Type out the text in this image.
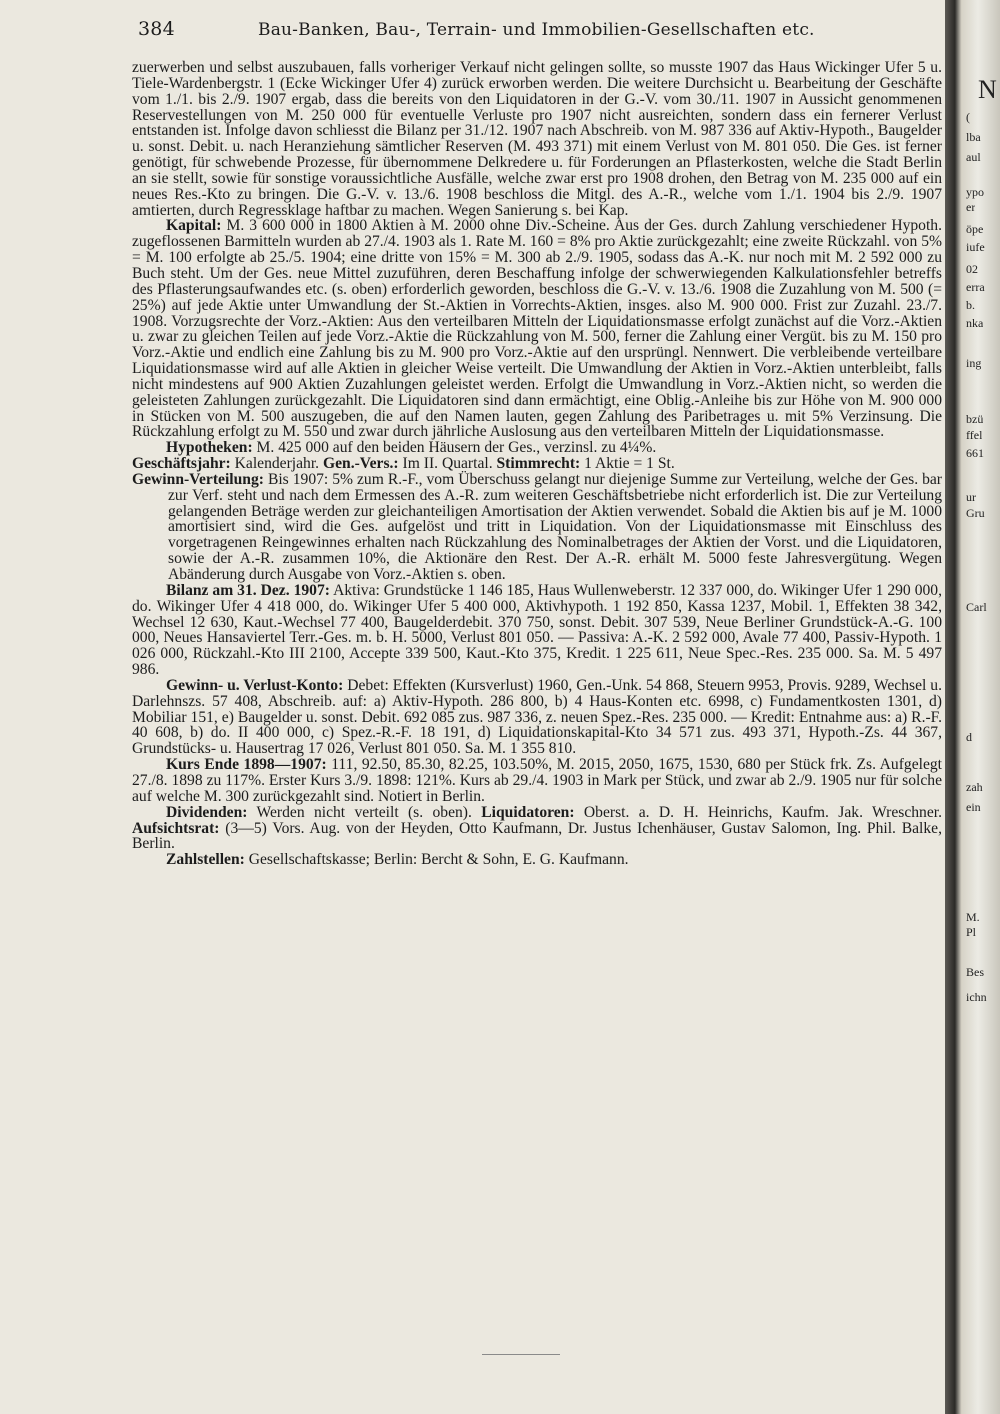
384	Bau-Banken, Bau-, Terrain- und Immobilien-Gesellschaften etc.

zuerwerben und selbst auszubauen, falls vorheriger Verkauf nicht gelingen sollte, so musste 1907 das Haus Wickinger Ufer 5 u. Tiele-Wardenbergstr. 1 (Ecke Wickinger Ufer 4) zurück erworben werden. Die weitere Durchsicht u. Bearbeitung der Geschäfte vom 1./1. bis 2./9. 1907 ergab, dass die bereits von den Liquidatoren in der G.-V. vom 30./11. 1907 in Aussicht genommenen Reservestellungen von M. 250 000 für eventuelle Verluste pro 1907 nicht ausreichten, sondern dass ein fernerer Verlust entstanden ist. Infolge davon schliesst die Bilanz per 31./12. 1907 nach Abschreib. von M. 987 336 auf Aktiv-Hypoth., Baugelder u. sonst. Debit. u. nach Heranziehung sämtlicher Reserven (M. 493 371) mit einem Verlust von M. 801 050. Die Ges. ist ferner genötigt, für schwebende Prozesse, für übernommene Delkredere u. für Forderungen an Pflasterkosten, welche die Stadt Berlin an sie stellt, sowie für sonstige voraussichtliche Ausfälle, welche zwar erst pro 1908 drohen, den Betrag von M. 235 000 auf ein neues Res.-Kto zu bringen. Die G.-V. v. 13./6. 1908 beschloss die Mitgl. des A.-R., welche vom 1./1. 1904 bis 2./9. 1907 amtierten, durch Regressklage haftbar zu machen. Wegen Sanierung s. bei Kap.

Kapital: M. 3 600 000 in 1800 Aktien à M. 2000 ohne Div.-Scheine. Aus der Ges. durch Zahlung verschiedener Hypoth. zugeflossenen Barmitteln wurden ab 27./4. 1903 als 1. Rate M. 160 = 8% pro Aktie zurückgezahlt; eine zweite Rückzahl. von 5% = M. 100 erfolgte ab 25./5. 1904; eine dritte von 15% = M. 300 ab 2./9. 1905, sodass das A.-K. nur noch mit M. 2 592 000 zu Buch steht. Um der Ges. neue Mittel zuzuführen, deren Beschaffung infolge der schwerwiegenden Kalkulationsfehler betreffs des Pflasterungsaufwandes etc. (s. oben) erforderlich geworden, beschloss die G.-V. v. 13./6. 1908 die Zuzahlung von M. 500 (= 25%) auf jede Aktie unter Umwandlung der St.-Aktien in Vorrechts-Aktien, insges. also M. 900 000. Frist zur Zuzahl. 23./7. 1908. Vorzugsrechte der Vorz.-Aktien: Aus den verteilbaren Mitteln der Liquidationsmasse erfolgt zunächst auf die Vorz.-Aktien u. zwar zu gleichen Teilen auf jede Vorz.-Aktie die Rückzahlung von M. 500, ferner die Zahlung einer Vergüt. bis zu M. 150 pro Vorz.-Aktie und endlich eine Zahlung bis zu M. 900 pro Vorz.-Aktie auf den ursprüngl. Nennwert. Die verbleibende verteilbare Liquidationsmasse wird auf alle Aktien in gleicher Weise verteilt. Die Umwandlung der Aktien in Vorz.-Aktien unterbleibt, falls nicht mindestens auf 900 Aktien Zuzahlungen geleistet werden. Erfolgt die Umwandlung in Vorz.-Aktien nicht, so werden die geleisteten Zahlungen zurückgezahlt. Die Liquidatoren sind dann ermächtigt, eine Oblig.-Anleihe bis zur Höhe von M. 900 000 in Stücken von M. 500 auszugeben, die auf den Namen lauten, gegen Zahlung des Paribetrages u. mit 5% Verzinsung. Die Rückzahlung erfolgt zu M. 550 und zwar durch jährliche Auslosung aus den verteilbaren Mitteln der Liquidationsmasse.

Hypotheken: M. 425 000 auf den beiden Häusern der Ges., verzinsl. zu 4¼%.

Geschäftsjahr: Kalenderjahr. Gen.-Vers.: Im II. Quartal. Stimmrecht: 1 Aktie = 1 St.

Gewinn-Verteilung: Bis 1907: 5% zum R.-F., vom Überschuss gelangt nur diejenige Summe zur Verteilung, welche der Ges. bar zur Verf. steht und nach dem Ermessen des A.-R. zum weiteren Geschäftsbetriebe nicht erforderlich ist. Die zur Verteilung gelangenden Beträge werden zur gleichanteiligen Amortisation der Aktien verwendet. Sobald die Aktien bis auf je M. 1000 amortisiert sind, wird die Ges. aufgelöst und tritt in Liquidation. Von der Liquidationsmasse mit Einschluss des vorgetragenen Reingewinnes erhalten nach Rückzahlung des Nominalbetrages der Aktien der Vorst. und die Liquidatoren, sowie der A.-R. zusammen 10%, die Aktionäre den Rest. Der A.-R. erhält M. 5000 feste Jahresvergütung. Wegen Abänderung durch Ausgabe von Vorz.-Aktien s. oben.

Bilanz am 31. Dez. 1907: Aktiva: Grundstücke 1 146 185, Haus Wullenweberstr. 12 337 000, do. Wikinger Ufer 1 290 000, do. Wikinger Ufer 4 418 000, do. Wikinger Ufer 5 400 000, Aktivhypoth. 1 192 850, Kassa 1237, Mobil. 1, Effekten 38 342, Wechsel 12 630, Kaut.-Wechsel 77 400, Baugelderdebit. 370 750, sonst. Debit. 307 539, Neue Berliner Grundstück-A.-G. 100 000, Neues Hansaviertel Terr.-Ges. m. b. H. 5000, Verlust 801 050. — Passiva: A.-K. 2 592 000, Avale 77 400, Passiv-Hypoth. 1 026 000, Rückzahl.-Kto III 2100, Accepte 339 500, Kaut.-Kto 375, Kredit. 1 225 611, Neue Spec.-Res. 235 000. Sa. M. 5 497 986.

Gewinn- u. Verlust-Konto: Debet: Effekten (Kursverlust) 1960, Gen.-Unk. 54 868, Steuern 9953, Provis. 9289, Wechsel u. Darlehnszs. 57 408, Abschreib. auf: a) Aktiv-Hypoth. 286 800, b) 4 Haus-Konten etc. 6998, c) Fundamentkosten 1301, d) Mobiliar 151, e) Baugelder u. sonst. Debit. 692 085 zus. 987 336, z. neuen Spez.-Res. 235 000. — Kredit: Entnahme aus: a) R.-F. 40 608, b) do. II 400 000, c) Spez.-R.-F. 18 191, d) Liquidationskapital-Kto 34 571 zus. 493 371, Hypoth.-Zs. 44 367, Grundstücks- u. Hausertrag 17 026, Verlust 801 050. Sa. M. 1 355 810.

Kurs Ende 1898—1907: 111, 92.50, 85.30, 82.25, 103.50%, M. 2015, 2050, 1675, 1530, 680 per Stück frk. Zs. Aufgelegt 27./8. 1898 zu 117%. Erster Kurs 3./9. 1898: 121%. Kurs ab 29./4. 1903 in Mark per Stück, und zwar ab 2./9. 1905 nur für solche auf welche M. 300 zurückgezahlt sind. Notiert in Berlin.

Dividenden: Werden nicht verteilt (s. oben). Liquidatoren: Oberst. a. D. H. Heinrichs, Kaufm. Jak. Wreschner. Aufsichtsrat: (3—5) Vors. Aug. von der Heyden, Otto Kaufmann, Dr. Justus Ichenhäuser, Gustav Salomon, Ing. Phil. Balke, Berlin.

Zahlstellen: Gesellschaftskasse; Berlin: Bercht & Sohn, E. G. Kaufmann.

N
(
lba
aul
ypo
er
öpe
iufe
02
erra
b.
nka
ing
bzü
ffel
661
ur
Gru
Carl
d
zah
ein
M.
Pl
Bes
ichn
